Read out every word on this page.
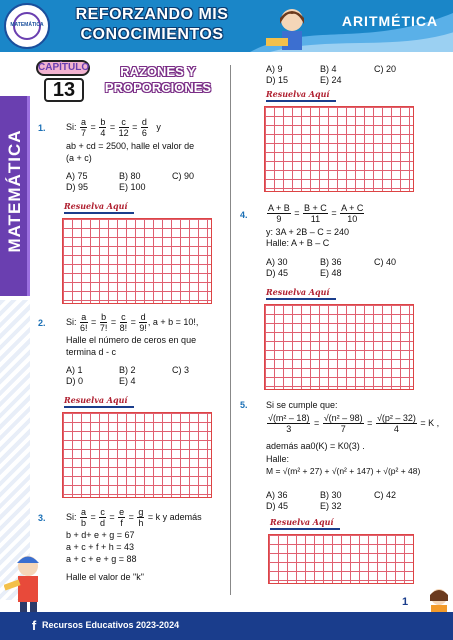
MATEMÁTICA
REFORZANDO MIS
CONOCIMIENTOS
ARITMÉTICA
MATEMÁTICA
CAPÍTULO
13
RAZONES Y
PROPORCIONES
1. Si: $\frac{a}{7} = \frac{b}{4} = \frac{c}{12} = \frac{d}{6}$ y
ab + cd = 2500, halle el valor de
(a + c)
A) 75	B) 80	C) 90
D) 95	E) 100
Resuelva Aquí
2. Si: $\frac{a}{6!} = \frac{b}{7!} = \frac{c}{8!} = \frac{d}{9!}$ , a + b = 10!,
Halle el número de ceros en que
termina d - c
A) 1	B) 2	C) 3
D) 0	E) 4
Resuelva Aquí
3. Si: $\frac{a}{b} = \frac{c}{d} = \frac{e}{f} = \frac{g}{h} = k$ y además
b + d+ e + g = 67
a + c + f + h = 43
a + c + e + g = 88
Halle el valor de "k"
A) 9	B) 4	C) 20
D) 15	E) 24
Resuelva Aquí
4. $\frac{A + B}{9} = \frac{B + C}{11} = \frac{A + C}{10}$
y: 3A + 2B – C = 240
Halle: A + B – C
A) 30	B) 36	C) 40
D) 45	E) 48
Resuelva Aquí
5. Si se cumple que:
$\frac{\text{√(m² – 18)}}{3} = \frac{\text{√(n² – 98)}}{7} = \frac{\text{√(p² – 32)}}{4} = K$ ,
además aa0(K) = K0(3) .
Halle:
M = √(m² + 27) + √(n² + 147) + √(p² + 48)
A) 36	B) 30	C) 42
D) 45	E) 32
Resuelva Aquí
1
f Recursos Educativos 2023-2024
